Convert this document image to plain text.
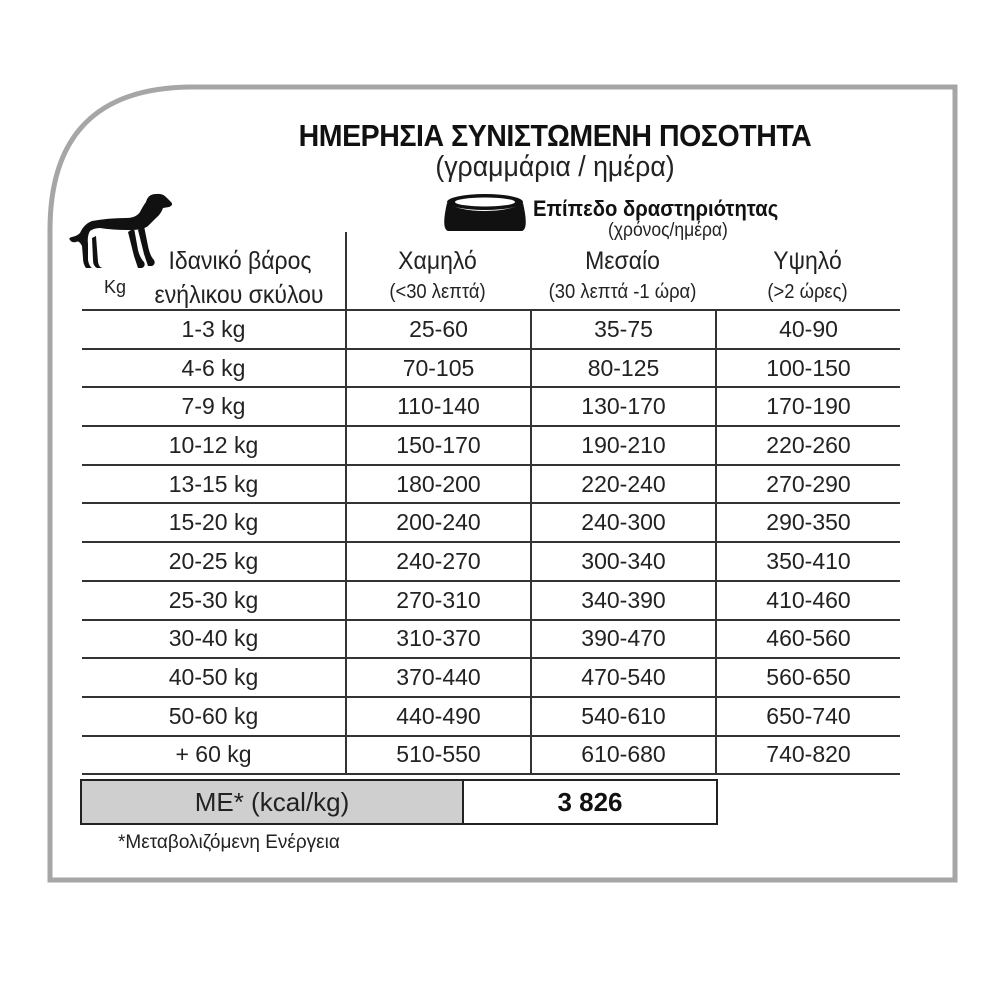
ΗΜΕΡΗΣΙΑ ΣΥΝΙΣΤΩΜΕΝΗ ΠΟΣΟΤΗΤΑ
(γραμμάρια / ημέρα)
Επίπεδο δραστηριότητας
(χρόνος/ημέρα)
Ιδανικό βάρος
Kg	ενήλικου σκύλου
Χαμηλό
(<30 λεπτά)
Μεσαίο
(30 λεπτά -1 ώρα)
Υψηλό
(>2 ώρες)
1-3 kg	25-60	35-75	40-90
4-6 kg	70-105	80-125	100-150
7-9 kg	110-140	130-170	170-190
10-12 kg	150-170	190-210	220-260
13-15 kg	180-200	220-240	270-290
15-20 kg	200-240	240-300	290-350
20-25 kg	240-270	300-340	350-410
25-30 kg	270-310	340-390	410-460
30-40 kg	310-370	390-470	460-560
40-50 kg	370-440	470-540	560-650
50-60 kg	440-490	540-610	650-740
+ 60 kg	510-550	610-680	740-820
ME* (kcal/kg)	3 826
*Μεταβολιζόμενη Ενέργεια
